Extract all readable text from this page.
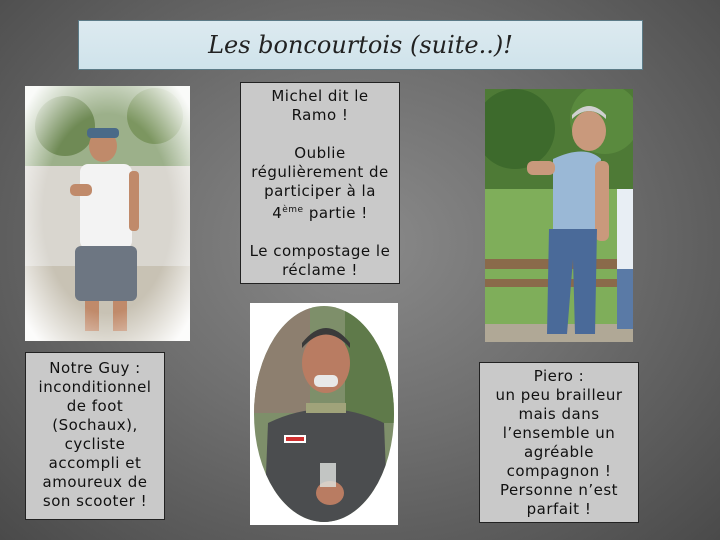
Les boncourtois (suite..)!

Notre Guy : inconditionnel de foot (Sochaux), cycliste accompli et amoureux de son scooter !

Michel dit le Ramo !

Oublie régulièrement de participer à la 4ème partie !

Le compostage le réclame !

Piero :

un peu brailleur mais dans l’ensemble un agréable compagnon ! Personne n’est parfait !
